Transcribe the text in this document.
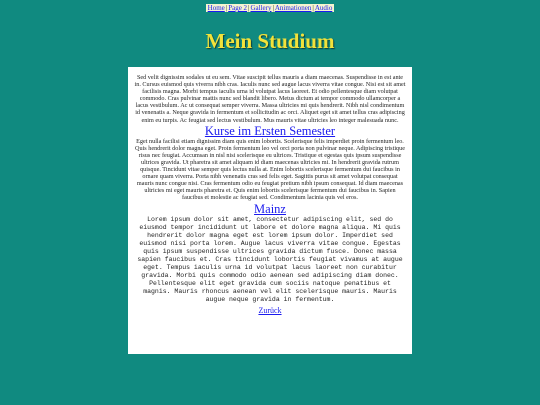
Home|Page 2|Gallery|Animationen|Audio
Mein Studium

Sed velit dignissim sodales ut eu sem. Vitae suscipit tellus mauris a diam maecenas. Suspendisse in est ante in. Cursus euismod quis viverra nibh cras. Iaculis nunc sed augue lacus viverra vitae congue. Nisi est sit amet facilisis magna. Morbi tempus iaculis urna id volutpat lacus laoreet. Et odio pellentesque diam volutpat commodo. Cras pulvinar mattis nunc sed blandit libero. Metus dictum at tempor commodo ullamcorper a lacus vestibulum. Ac ut consequat semper viverra. Massa ultricies mi quis hendrerit. Nibh nisl condimentum id venenatis a. Neque gravida in fermentum et sollicitudin ac orci. Aliquet eget sit amet tellus cras adipiscing enim eu turpis. Ac feugiat sed lectus vestibulum. Mus mauris vitae ultricies leo integer malesuada nunc.

Kurse im Ersten Semester

Eget nulla facilisi etiam dignissim diam quis enim lobortis. Scelerisque felis imperdiet proin fermentum leo. Quis hendrerit dolor magna eget. Proin fermentum leo vel orci porta non pulvinar neque. Adipiscing tristique risus nec feugiat. Accumsan in nisl nisi scelerisque eu ultrices. Tristique et egestas quis ipsum suspendisse ultrices gravida. Ut pharetra sit amet aliquam id diam maecenas ultricies mi. In hendrerit gravida rutrum quisque. Tincidunt vitae semper quis lectus nulla at. Enim lobortis scelerisque fermentum dui faucibus in ornare quam viverra. Porta nibh venenatis cras sed felis eget. Sagittis purus sit amet volutpat consequat mauris nunc congue nisi. Cras fermentum odio eu feugiat pretium nibh ipsum consequat. Id diam maecenas ultricies mi eget mauris pharetra et. Quis enim lobortis scelerisque fermentum dui faucibus in. Sapien faucibus et molestie ac feugiat sed. Condimentum lacinia quis vel eros.

Mainz

Lorem ipsum dolor sit amet, consectetur adipiscing elit, sed do eiusmod tempor incididunt ut labore et dolore magna aliqua. Mi quis hendrerit dolor magna eget est lorem ipsum dolor. Imperdiet sed euismod nisi porta lorem. Augue lacus viverra vitae congue. Egestas quis ipsum suspendisse ultrices gravida dictum fusce. Donec massa sapien faucibus et. Cras tincidunt lobortis feugiat vivamus at augue eget. Tempus iaculis urna id volutpat lacus laoreet non curabitur gravida. Morbi quis commodo odio aenean sed adipiscing diam donec. Pellentesque elit eget gravida cum sociis natoque penatibus et magnis. Mauris rhoncus aenean vel elit scelerisque mauris. Mauris augue neque gravida in fermentum.

Zurück
